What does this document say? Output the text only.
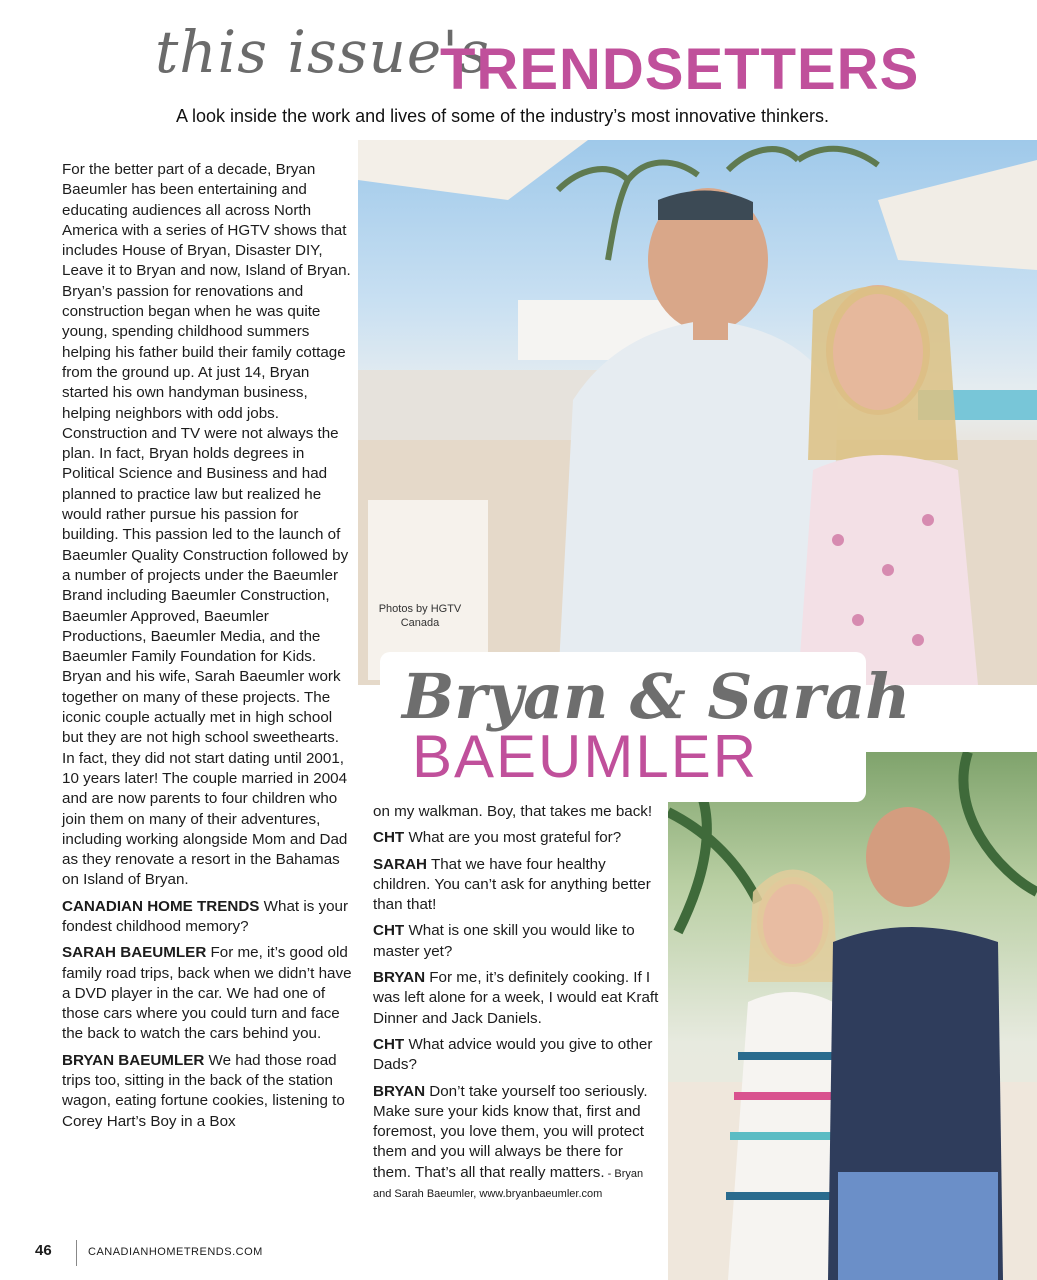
this issue's
TRENDSETTERS
A look inside the work and lives of some of the industry’s most innovative thinkers.
Photos by HGTV Canada
Bryan & Sarah
BAEUMLER

For the better part of a decade, Bryan Baeumler has been entertaining and educating audiences all across North America with a series of HGTV shows that includes House of Bryan, Disaster DIY, Leave it to Bryan and now, Island of Bryan. Bryan’s passion for renovations and construction began when he was quite young, spending childhood summers helping his father build their family cottage from the ground up. At just 14, Bryan started his own handyman business, helping neighbors with odd jobs. Construction and TV were not always the plan. In fact, Bryan holds degrees in Political Science and Business and had planned to practice law but realized he would rather pursue his passion for building. This passion led to the launch of Baeumler Quality Construction followed by a number of projects under the Baeumler Brand including Baeumler Construction, Baeumler Approved, Baeumler Productions, Baeumler Media, and the Baeumler Family Foundation for Kids. Bryan and his wife, Sarah Baeumler work together on many of these projects. The iconic couple actually met in high school but they are not high school sweethearts. In fact, they did not start dating until 2001, 10 years later! The couple married in 2004 and are now parents to four children who join them on many of their adventures, including working alongside Mom and Dad as they renovate a resort in the Bahamas on Island of Bryan.

CANADIAN HOME TRENDS What is your fondest childhood memory?

SARAH BAEUMLER For me, it’s good old family road trips, back when we didn’t have a DVD player in the car. We had one of those cars where you could turn and face the back to watch the cars behind you.

BRYAN BAEUMLER We had those road trips too, sitting in the back of the station wagon, eating fortune cookies, listening to Corey Hart’s Boy in a Box

on my walkman. Boy, that takes me back!

CHT What are you most grateful for?

SARAH That we have four healthy children. You can’t ask for anything better than that!

CHT What is one skill you would like to master yet?

BRYAN For me, it’s definitely cooking. If I was left alone for a week, I would eat Kraft Dinner and Jack Daniels.

CHT What advice would you give to other Dads?

BRYAN Don’t take yourself too seriously. Make sure your kids know that, first and foremost, you love them, you will protect them and you will always be there for them. That’s all that really matters. - Bryan and Sarah Baeumler, www.bryanbaeumler.com

46	CANADIANHOMETRENDS.COM
